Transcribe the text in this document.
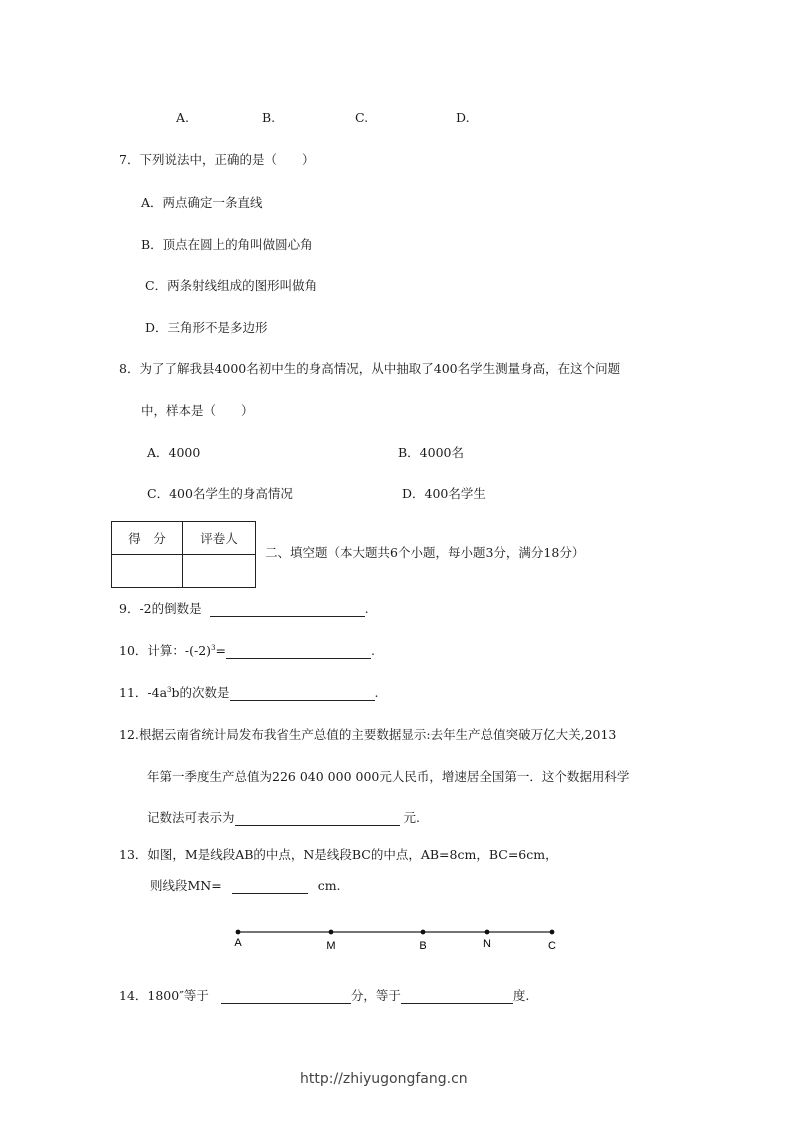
A.	B.	C.	D.
7．下列说法中，正确的是（　　）
A．两点确定一条直线
B．顶点在圆上的角叫做圆心角
C．两条射线组成的图形叫做角
D．三角形不是多边形
8．为了了解我县4000名初中生的身高情况，从中抽取了400名学生测量身高，在这个问题
中，样本是（　　）
A．4000	B．4000名
C．400名学生的身高情况	D．400名学生
得　分	评卷人

二、填空题（本大题共6个小题，每小题3分，满分18分）
9．-2的倒数是	.
10．计算：$-(-2)^3=$	.
11．$-4a^3b$的次数是	.
12.根据云南省统计局发布我省生产总值的主要数据显示:去年生产总值突破万亿大关,2013
年第一季度生产总值为226 040 000 000元人民币，增速居全国第一．这个数据用科学
记数法可表示为	元.
13．如图，M是线段AB的中点，N是线段BC的中点，AB=8cm，BC=6cm，
则线段MN=	cm.
A	M	B	N	C
14．1800″等于	分，等于	度.
http://zhiyugongfang.cn
